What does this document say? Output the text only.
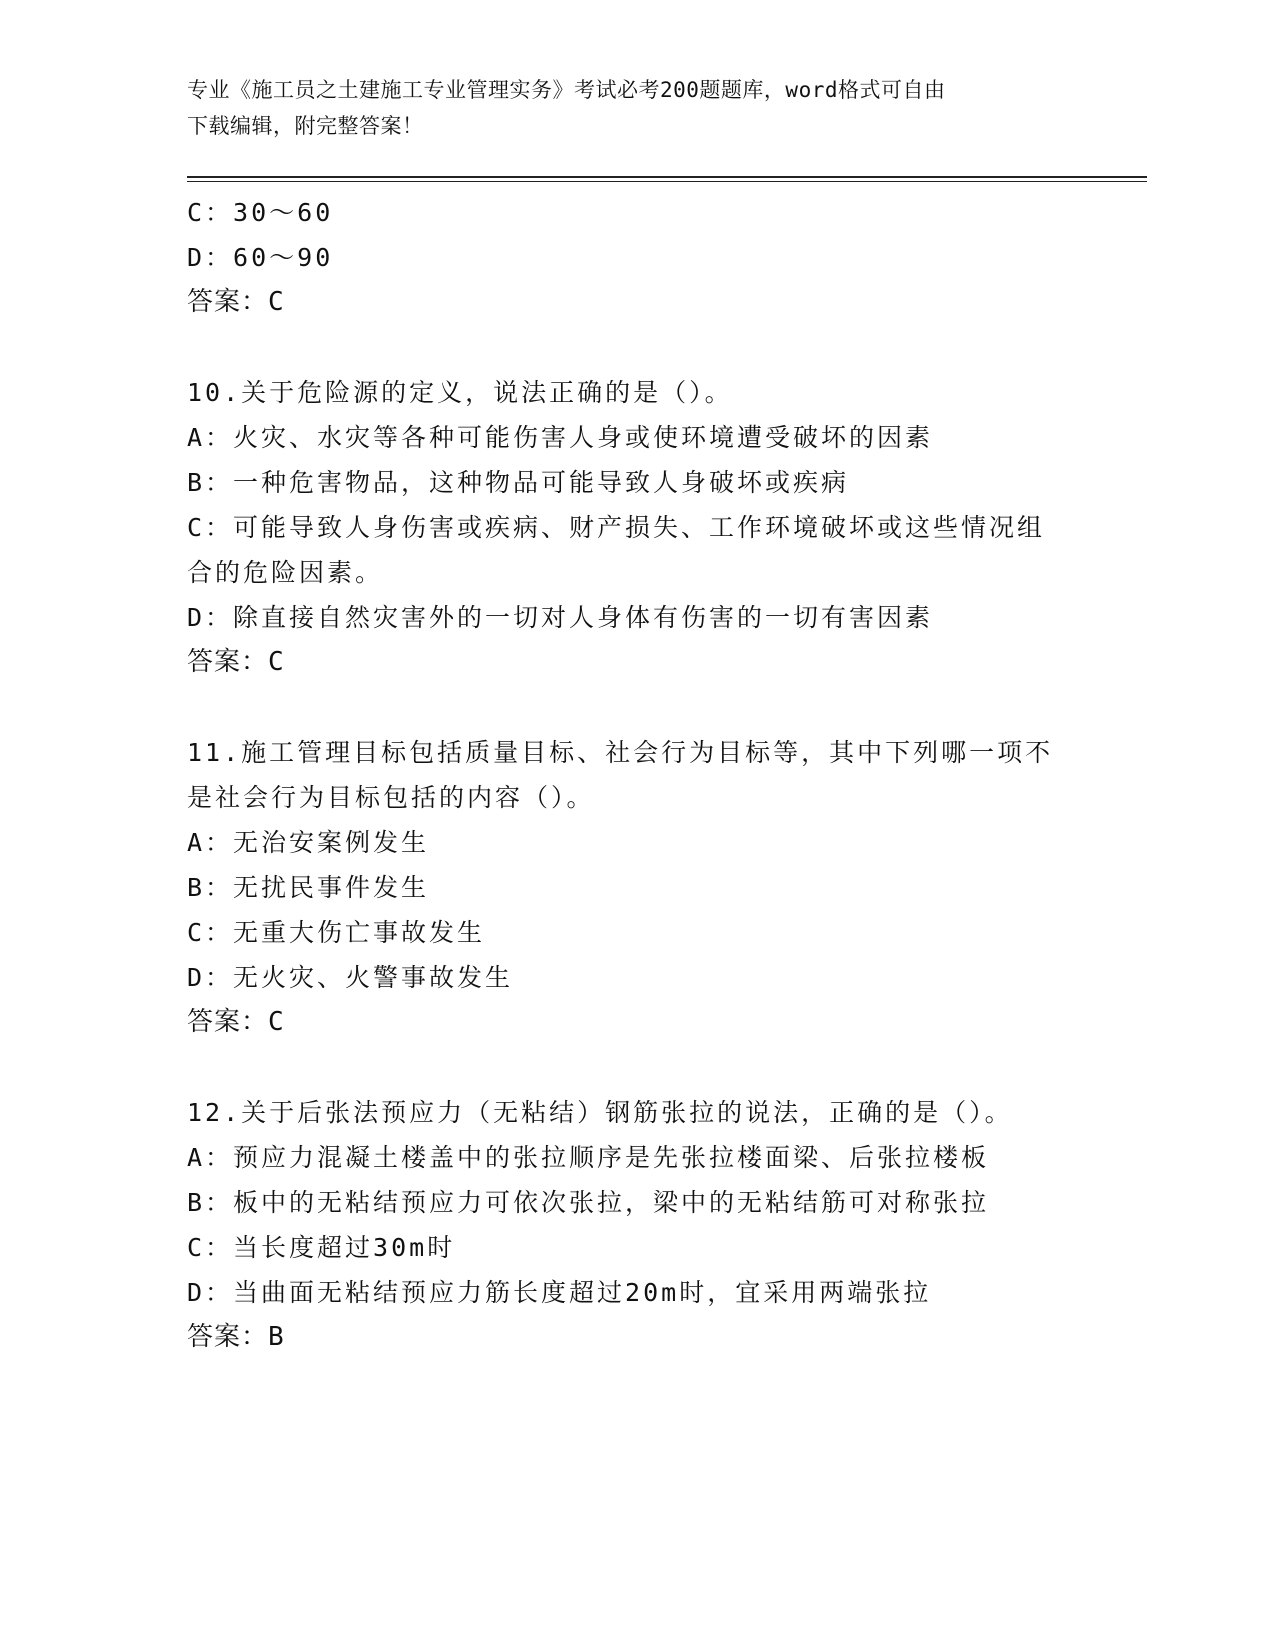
专业《施工员之土建施工专业管理实务》考试必考200题题库，word格式可自由
下载编辑，附完整答案！
C：30～60
D：60～90
答案：C
10.关于危险源的定义，说法正确的是（）。
A：火灾、水灾等各种可能伤害人身或使环境遭受破坏的因素
B：一种危害物品，这种物品可能导致人身破坏或疾病
C：可能导致人身伤害或疾病、财产损失、工作环境破坏或这些情况组
合的危险因素。
D：除直接自然灾害外的一切对人身体有伤害的一切有害因素
答案：C
11.施工管理目标包括质量目标、社会行为目标等，其中下列哪一项不
是社会行为目标包括的内容（）。
A：无治安案例发生
B：无扰民事件发生
C：无重大伤亡事故发生
D：无火灾、火警事故发生
答案：C
12.关于后张法预应力（无粘结）钢筋张拉的说法，正确的是（）。
A：预应力混凝土楼盖中的张拉顺序是先张拉楼面梁、后张拉楼板
B：板中的无粘结预应力可依次张拉，梁中的无粘结筋可对称张拉
C：当长度超过30m时
D：当曲面无粘结预应力筋长度超过20m时，宜采用两端张拉
答案：B
